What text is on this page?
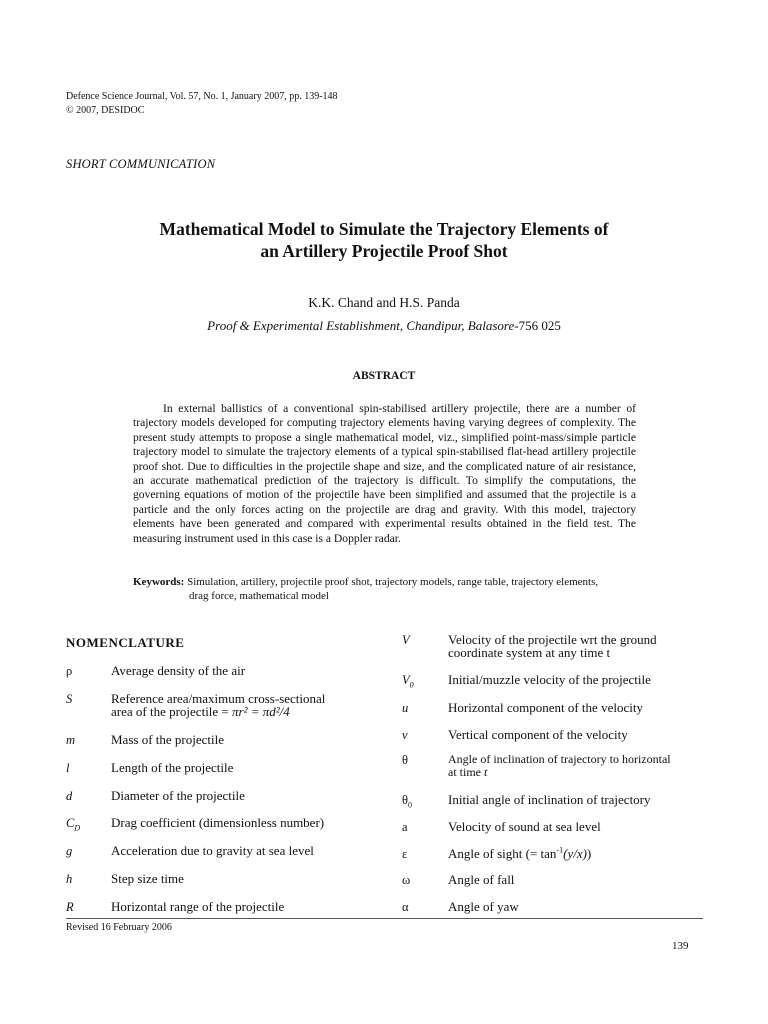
Defence Science Journal, Vol. 57, No. 1, January 2007, pp. 139-148
© 2007, DESIDOC
SHORT COMMUNICATION
Mathematical Model to Simulate the Trajectory Elements of
an Artillery Projectile Proof Shot
K.K. Chand and H.S. Panda
Proof & Experimental Establishment, Chandipur, Balasore-756 025
ABSTRACT
In external ballistics of a conventional spin-stabilised artillery projectile, there are a number of trajectory models developed for computing trajectory elements having varying degrees of complexity. The present study attempts to propose a single mathematical model, viz., simplified point-mass/simple particle trajectory model to simulate the trajectory elements of a typical spin-stabilised flat-head artillery projectile proof shot. Due to difficulties in the projectile shape and size, and the complicated nature of air resistance, an accurate mathematical prediction of the trajectory is difficult. To simplify the computations, the governing equations of motion of the projectile have been simplified and assumed that the projectile is a particle and the only forces acting on the projectile are drag and gravity. With this model, trajectory elements have been generated and compared with experimental results obtained in the field test. The measuring instrument used in this case is a Doppler radar.
Keywords: Simulation, artillery, projectile proof shot, trajectory models, range table, trajectory elements,
drag force, mathematical model
NOMENCLATURE
ρ	Average density of the air
S	Reference area/maximum cross-sectional
area of the projectile = πr² = πd²/4
m	Mass of the projectile
l	Length of the projectile
d	Diameter of the projectile
$C_D$ Drag coefficient (dimensionless number)
g	Acceleration due to gravity at sea level
h	Step size time
R	Horizontal range of the projectile
V	Velocity of the projectile wrt the ground
coordinate system at any time t
$V_0$	Initial/muzzle velocity of the projectile
u	Horizontal component of the velocity
v	Vertical component of the velocity
θ	Angle of inclination of trajectory to horizontal
at time t
$\theta_0$	Initial angle of inclination of trajectory
a	Velocity of sound at sea level
ε	Angle of sight (= $\tan^{-1}(y/x)$)
ω	Angle of fall
α	Angle of yaw
Revised 16 February 2006
139
